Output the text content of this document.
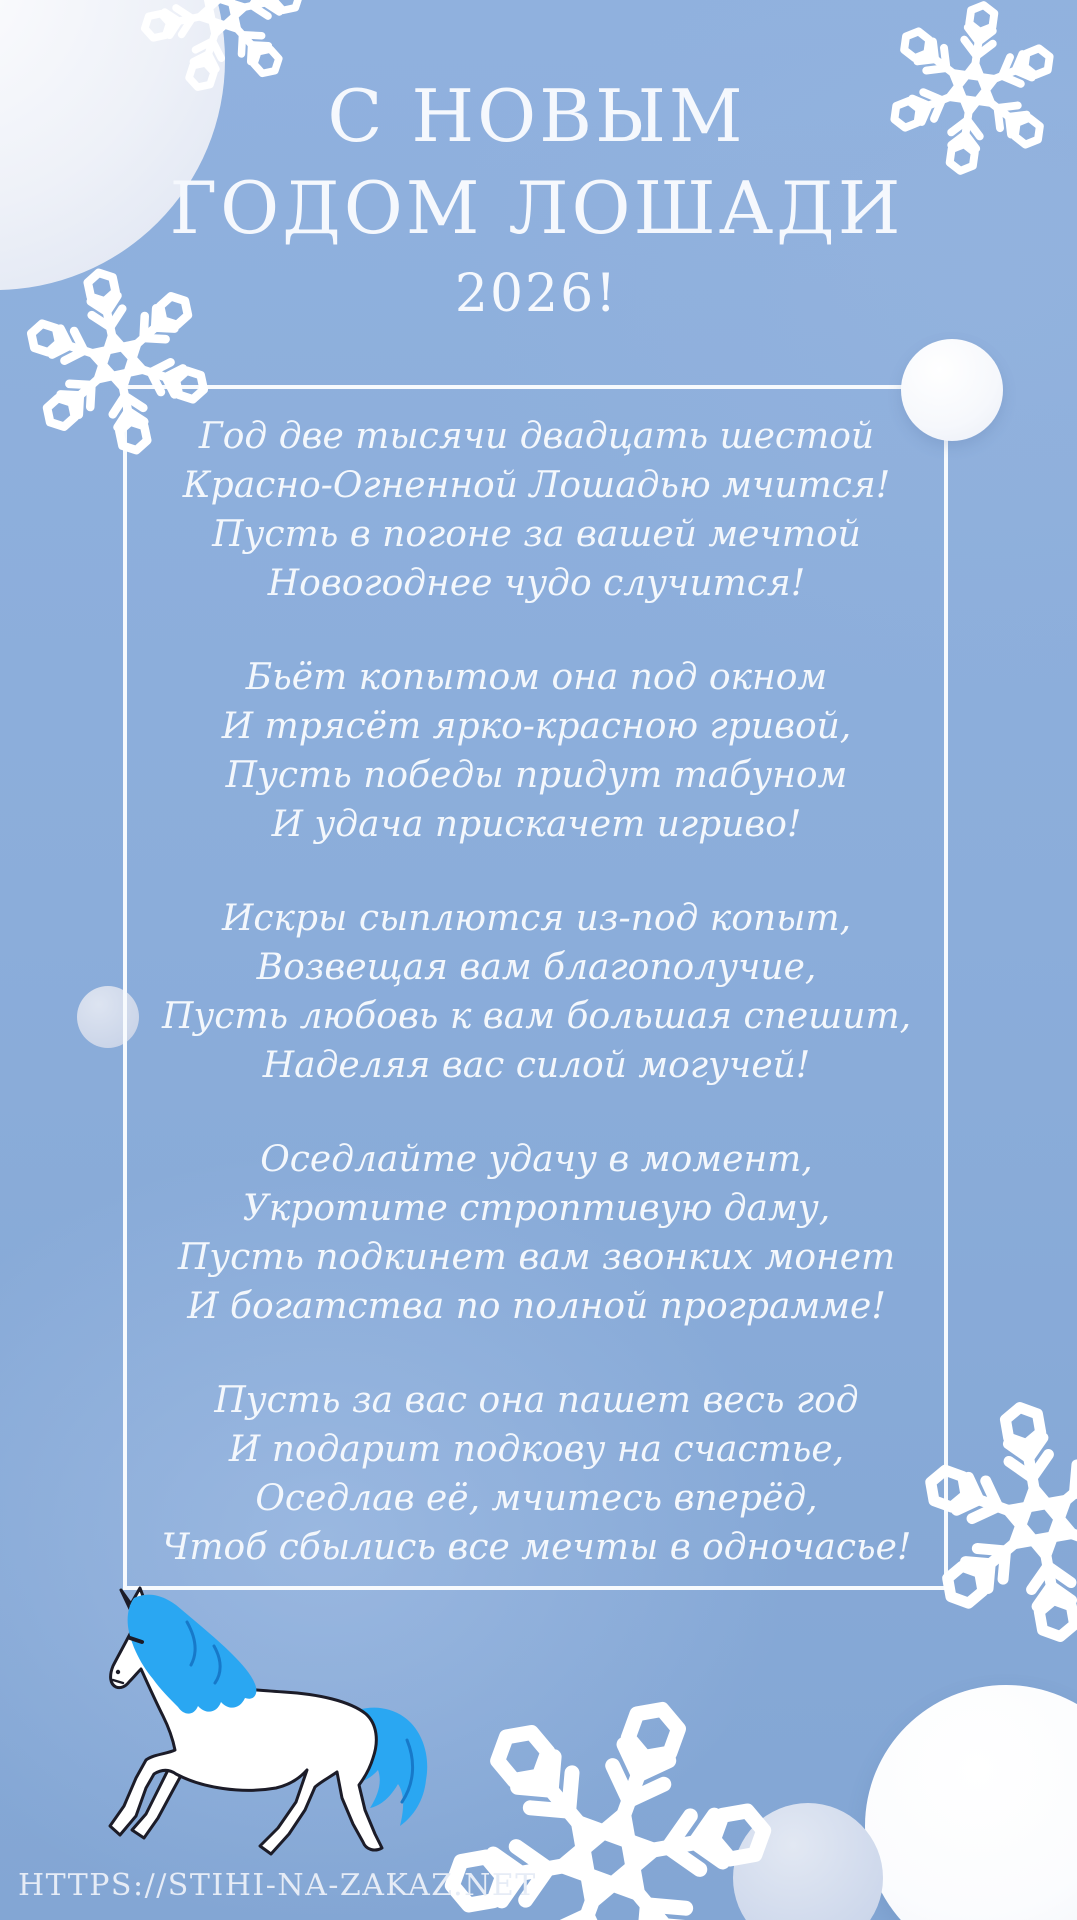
С НОВЫМ
ГОДОМ ЛОШАДИ
2026!
Год две тысячи двадцать шестой
Красно-Огненной Лошадью мчится!
Пусть в погоне за вашей мечтой
Новогоднее чудо случится!
Бьёт копытом она под окном
И трясёт ярко-красною гривой,
Пусть победы придут табуном
И удача прискачет игриво!
Искры сыплются из-под копыт,
Возвещая вам благополучие,
Пусть любовь к вам большая спешит,
Наделяя вас силой могучей!
Оседлайте удачу в момент,
Укротите строптивую даму,
Пусть подкинет вам звонких монет
И богатства по полной программе!
Пусть за вас она пашет весь год
И подарит подкову на счастье,
Оседлав её, мчитесь вперёд,
Чтоб сбылись все мечты в одночасье!
HTTPS://STIHI-NA-ZAKAZ.NET
